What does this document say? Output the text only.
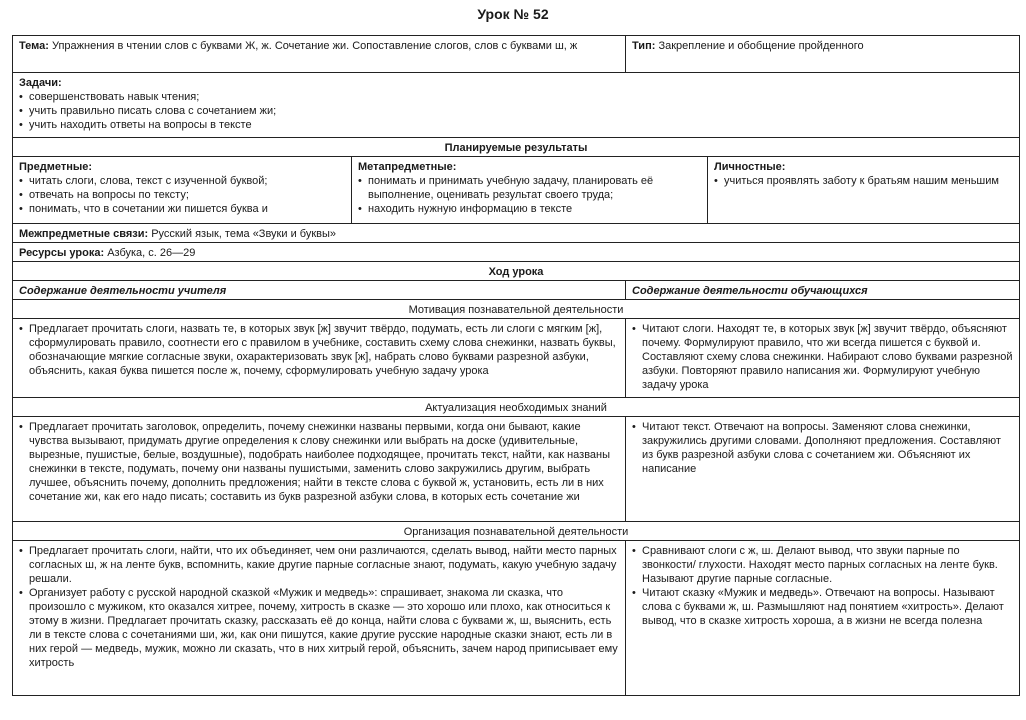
Урок № 52
Тема: Упражнения в чтении слов с буквами Ж, ж. Сочетание жи. Сопоставление слогов, слов с буквами ш, ж	Тип: Закрепление и обобщение пройденного
Задачи:
• совершенствовать навык чтения;
• учить правильно писать слова с сочетанием жи;
• учить находить ответы на вопросы в тексте
Планируемые результаты
Предметные:
• читать слоги, слова, текст с изученной буквой;
• отвечать на вопросы по тексту;
• понимать, что в сочетании жи пишется буква и
Метапредметные:
• понимать и принимать учебную задачу, планировать её выполнение, оценивать результат своего труда;
• находить нужную информацию в тексте
Личностные:
• учиться проявлять заботу к братьям нашим меньшим
Межпредметные связи: Русский язык, тема «Звуки и буквы»
Ресурсы урока: Азбука, с. 26—29
Ход урока
Содержание деятельности учителя	Содержание деятельности обучающихся
Мотивация познавательной деятельности
• Предлагает прочитать слоги, назвать те, в которых звук [ж] звучит твёрдо, подумать, есть ли слоги с мягким [ж], сформулировать правило, соотнести его с правилом в учебнике, составить схему слова снежинки, назвать буквы, обозначающие мягкие согласные звуки, охарактеризовать звук [ж], набрать слово буквами разрезной азбуки, объяснить, какая буква пишется после ж, почему, сформулировать учебную задачу урока
• Читают слоги. Находят те, в которых звук [ж] звучит твёрдо, объясняют почему. Формулируют правило, что жи всегда пишется с буквой и. Составляют схему слова снежинки. Набирают слово буквами разрезной азбуки. Повторяют правило написания жи. Формулируют учебную задачу урока
Актуализация необходимых знаний
• Предлагает прочитать заголовок, определить, почему снежинки названы первыми, когда они бывают, какие чувства вызывают, придумать другие определения к слову снежинки или выбрать на доске (удивительные, вырезные, пушистые, белые, воздушные), подобрать наиболее подходящее, прочитать текст, найти, как названы снежинки в тексте, подумать, почему они названы пушистыми, заменить слово закружились другим, выбрать лучшее, объяснить почему, дополнить предложения; найти в тексте слова с буквой ж, установить, есть ли в них сочетание жи, как его надо писать; составить из букв разрезной азбуки слова, в которых есть сочетание жи
• Читают текст. Отвечают на вопросы. Заменяют слова снежинки, закружились другими словами. Дополняют предложения. Составляют из букв разрезной азбуки слова с сочетанием жи. Объясняют их написание
Организация познавательной деятельности
• Предлагает прочитать слоги, найти, что их объединяет, чем они различаются, сделать вывод, найти место парных согласных ш, ж на ленте букв, вспомнить, какие другие парные согласные знают, подумать, какую учебную задачу решали.
• Организует работу с русской народной сказкой «Мужик и медведь»: спрашивает, знакома ли сказка, что произошло с мужиком, кто оказался хитрее, почему, хитрость в сказке — это хорошо или плохо, как относиться к этому в жизни. Предлагает прочитать сказку, рассказать её до конца, найти слова с буквами ж, ш, выяснить, есть ли в тексте слова с сочетаниями ши, жи, как они пишутся, какие другие русские народные сказки знают, есть ли в них герой — медведь, мужик, можно ли сказать, что в них хитрый герой, объяснить, зачем народ приписывает ему хитрость
• Сравнивают слоги с ж, ш. Делают вывод, что звуки парные по звонкости/ глухости. Находят место парных согласных на ленте букв. Называют другие парные согласные.
• Читают сказку «Мужик и медведь». Отвечают на вопросы. Называют слова с буквами ж, ш. Размышляют над понятием «хитрость». Делают вывод, что в сказке хитрость хороша, а в жизни не всегда полезна
